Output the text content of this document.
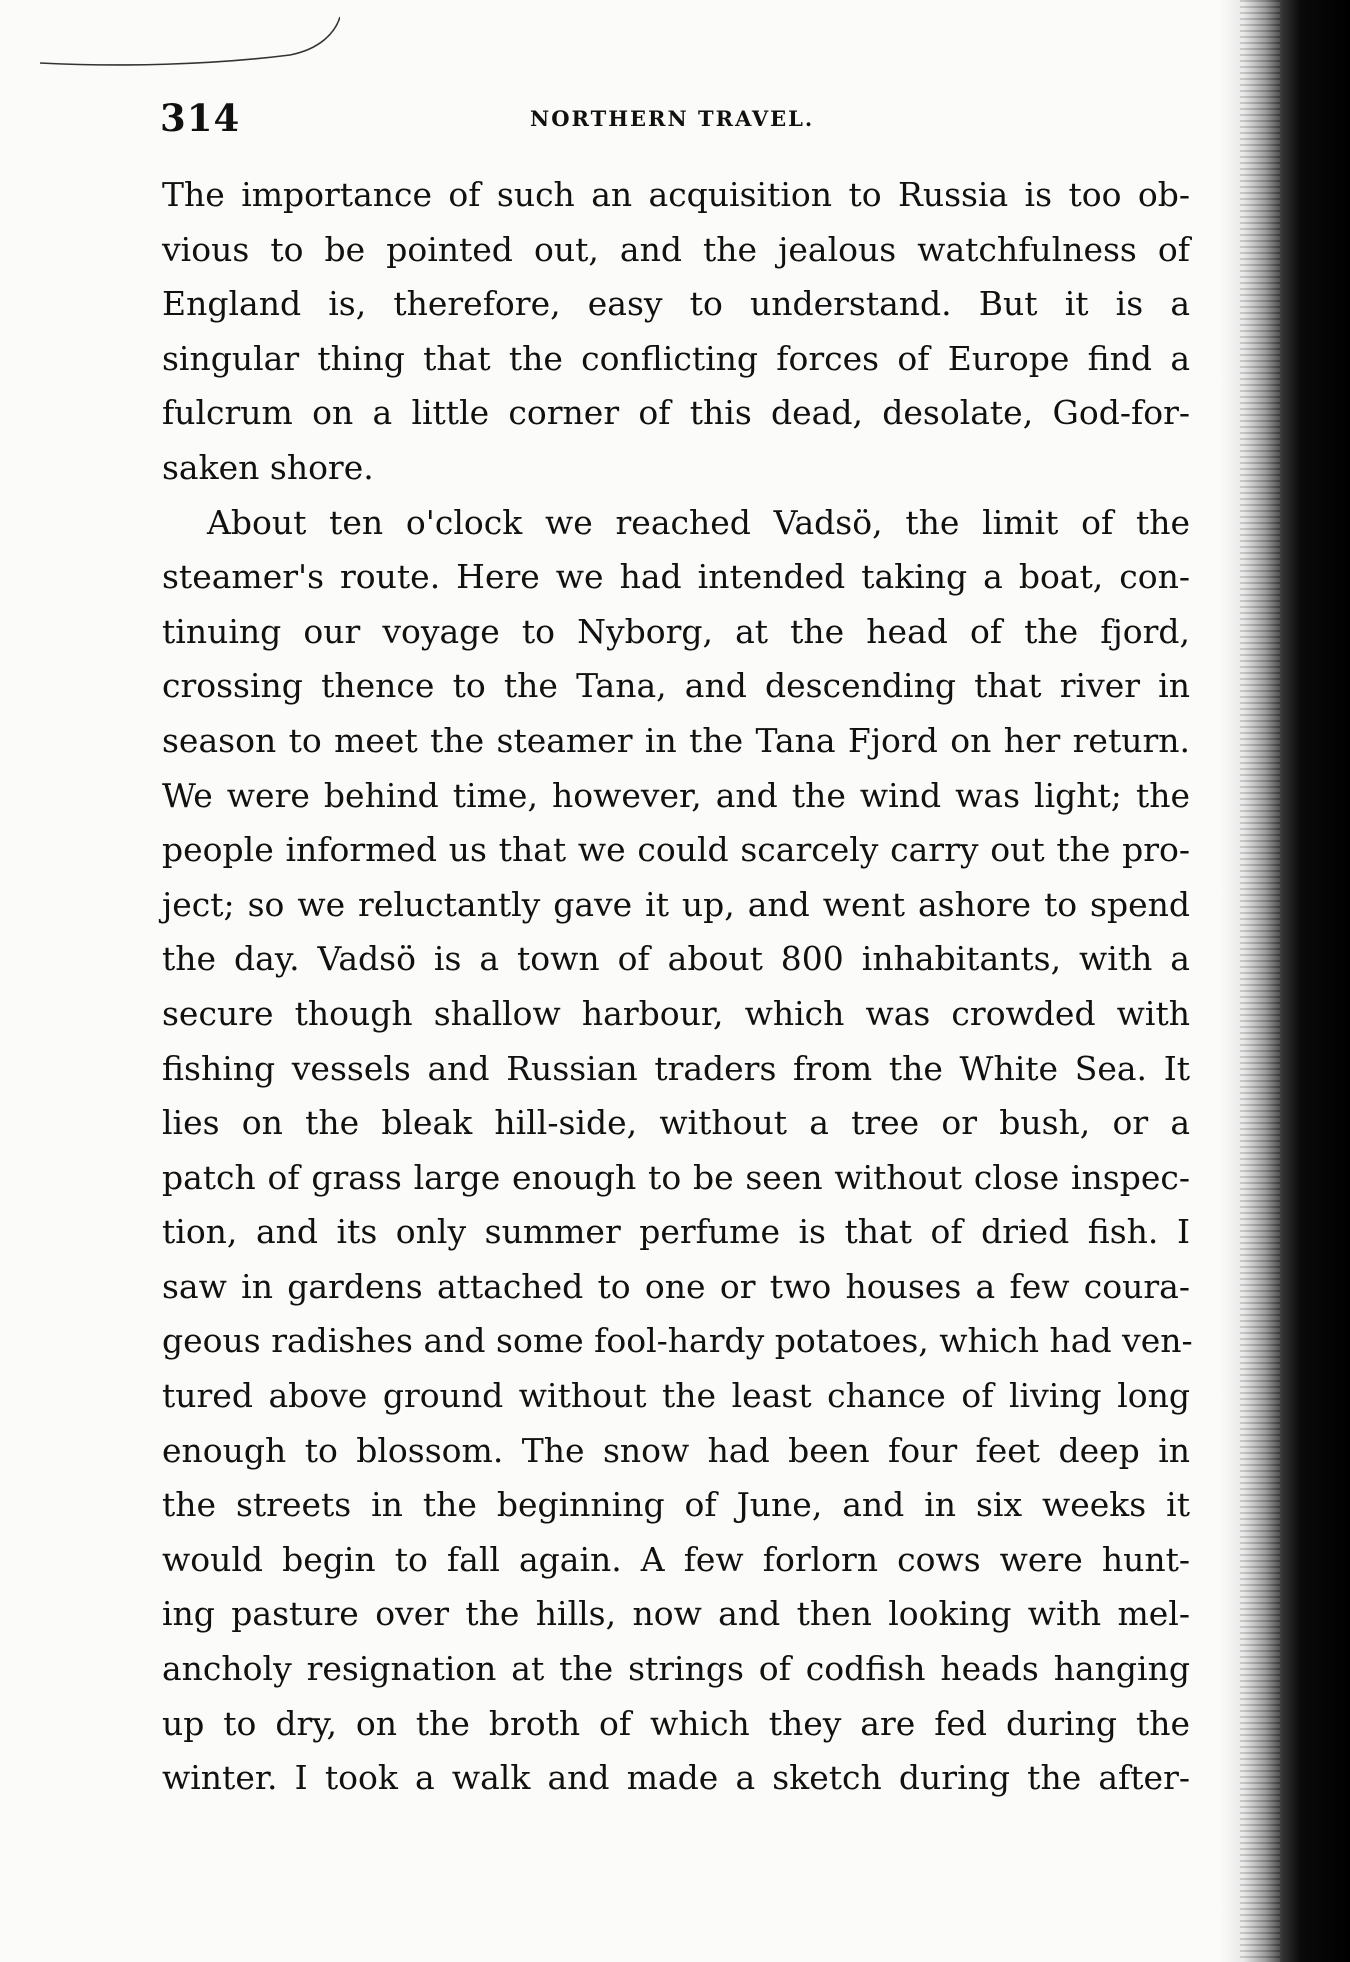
314	NORTHERN TRAVEL.
The importance of such an acquisition to Russia is too ob-
vious to be pointed out, and the jealous watchfulness of
England is, therefore, easy to understand. But it is a
singular thing that the conflicting forces of Europe find a
fulcrum on a little corner of this dead, desolate, God-for-
saken shore.
About ten o'clock we reached Vadsö, the limit of the
steamer's route. Here we had intended taking a boat, con-
tinuing our voyage to Nyborg, at the head of the fjord,
crossing thence to the Tana, and descending that river in
season to meet the steamer in the Tana Fjord on her return.
We were behind time, however, and the wind was light; the
people informed us that we could scarcely carry out the pro-
ject; so we reluctantly gave it up, and went ashore to spend
the day. Vadsö is a town of about 800 inhabitants, with a
secure though shallow harbour, which was crowded with
fishing vessels and Russian traders from the White Sea. It
lies on the bleak hill-side, without a tree or bush, or a
patch of grass large enough to be seen without close inspec-
tion, and its only summer perfume is that of dried fish. I
saw in gardens attached to one or two houses a few coura-
geous radishes and some fool-hardy potatoes, which had ven-
tured above ground without the least chance of living long
enough to blossom. The snow had been four feet deep in
the streets in the beginning of June, and in six weeks it
would begin to fall again. A few forlorn cows were hunt-
ing pasture over the hills, now and then looking with mel-
ancholy resignation at the strings of codfish heads hanging
up to dry, on the broth of which they are fed during the
winter. I took a walk and made a sketch during the after-
